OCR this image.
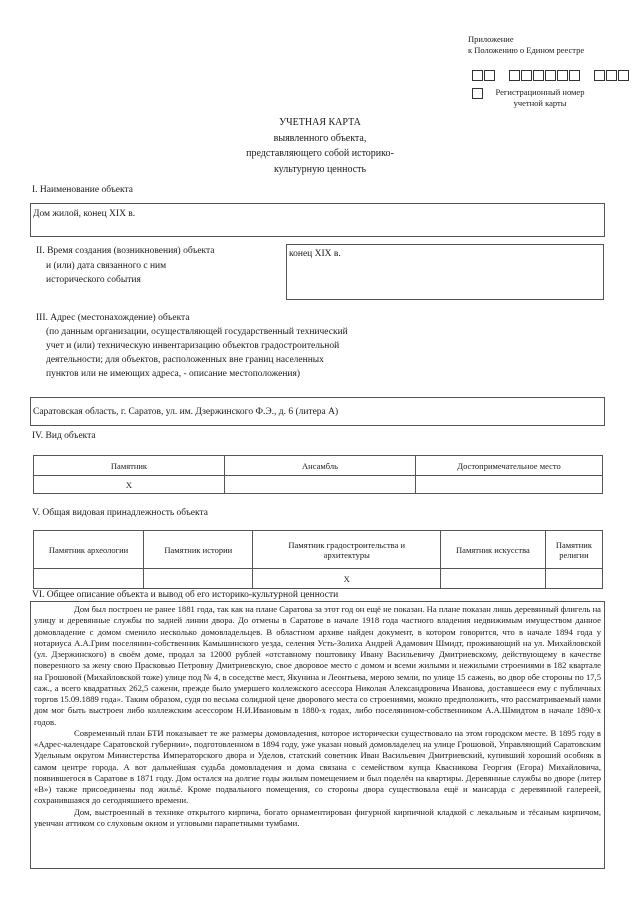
Приложение
к Положению о Едином реестре

Регистрационный номер
учетной карты
УЧЕТНАЯ КАРТА
выявленного объекта,
представляющего собой историко-
культурную ценность
I. Наименование объекта
Дом жилой, конец XIX в.
II. Время создания (возникновения) объекта
и (или) дата связанного с ним
исторического события
конец XIX в.
III. Адрес (местонахождение) объекта
(по данным организации, осуществляющей государственный технический
учет и (или) техническую инвентаризацию объектов градостроительной
деятельности; для объектов, расположенных вне границ населенных
пунктов или не имеющих адреса, - описание местоположения)
Саратовская область, г. Саратов, ул. им. Дзержинского Ф.Э., д. 6 (литера А)
IV. Вид объекта
Памятник	Ансамбль	Достопримечательное место
Х		
V. Общая видовая принадлежность объекта
Памятник археологии	Памятник истории	Памятник градостроительства и архитектуры	Памятник искусства	Памятник религии
		Х		
VI. Общее описание объекта и вывод об его историко-культурной ценности

Дом был построен не ранее 1881 года, так как на плане Саратова за этот год он ещё не показан. На плане показан лишь деревянный флигель на улицу и деревянные службы по задней линии двора. До отмены в Саратове в начале 1918 года частного владения недвижимым имуществом данное домовладение с домом сменило несколько домовладельцев. В областном архиве найден документ, в котором говорится, что в начале 1894 года у нотариуса А.А.Грим поселянин-собственник Камышинского уезда, селения Усть-Золиха Андрей Адамович Шмидт, проживающий на ул. Михайловской (ул. Дзержинского) в своём доме, продал за 12000 рублей «отставному поштовику Ивану Васильевичу Дмитриевскому, действующему в качестве поверенного за жену свою Прасковью Петровну Дмитриевскую, свое дворовое место с домом и всеми жилыми и нежилыми строениями в 182 квартале на Грошовой (Михайловской тоже) улице под № 4, в соседстве мест, Якунина и Леонтьева, мерою земли, по улице 15 сажень, во двор обе стороны по 17,5 саж., а всего квадратных 262,5 сажени, прежде было умершего коллежского асессора Николая Александровича Иванова, доставшееся ему с публичных торгов 15.09.1889 года». Таким образом, судя по весьма солидной цене дворового места со строениями, можно предположить, что рассматриваемый нами дом мог быть выстроен либо коллежским асессором Н.И.Ивановым в 1880-х годах, либо поселянином-собственником А.А.Шмидтом в начале 1890-х годов.

Современный план БТИ показывает те же размеры домовладения, которое исторически существовало на этом городском месте. В 1895 году в «Адрес-календаре Саратовской губернии», подготовленном в 1894 году, уже указан новый домовладелец на улице Грошовой, Управляющий Саратовским Удельным округом Министерства Императорского двора и Уделов, статский советник Иван Васильевич Дмитриевский, купивший хороший особняк в самом центре города. А вот дальнейшая судьба домовладения и дома связана с семейством купца Квасникова Георгия (Егора) Михайловича, появившегося в Саратове в 1871 году. Дом остался на долгие годы жилым помещением и был поделён на квартиры. Деревянные службы во дворе (литер «В») также присоединены под жильё. Кроме подвального помещения, со стороны двора существовала ещё и мансарда с деревянной галереей, сохранившаяся до сегодняшнего времени.

Дом, выстроенный в технике открытого кирпича, богато орнаментирован фигурной кирпичной кладкой с лекальным и тёсаным кирпичом, увенчан аттиком со слуховым окном и угловыми парапетными тумбами.
